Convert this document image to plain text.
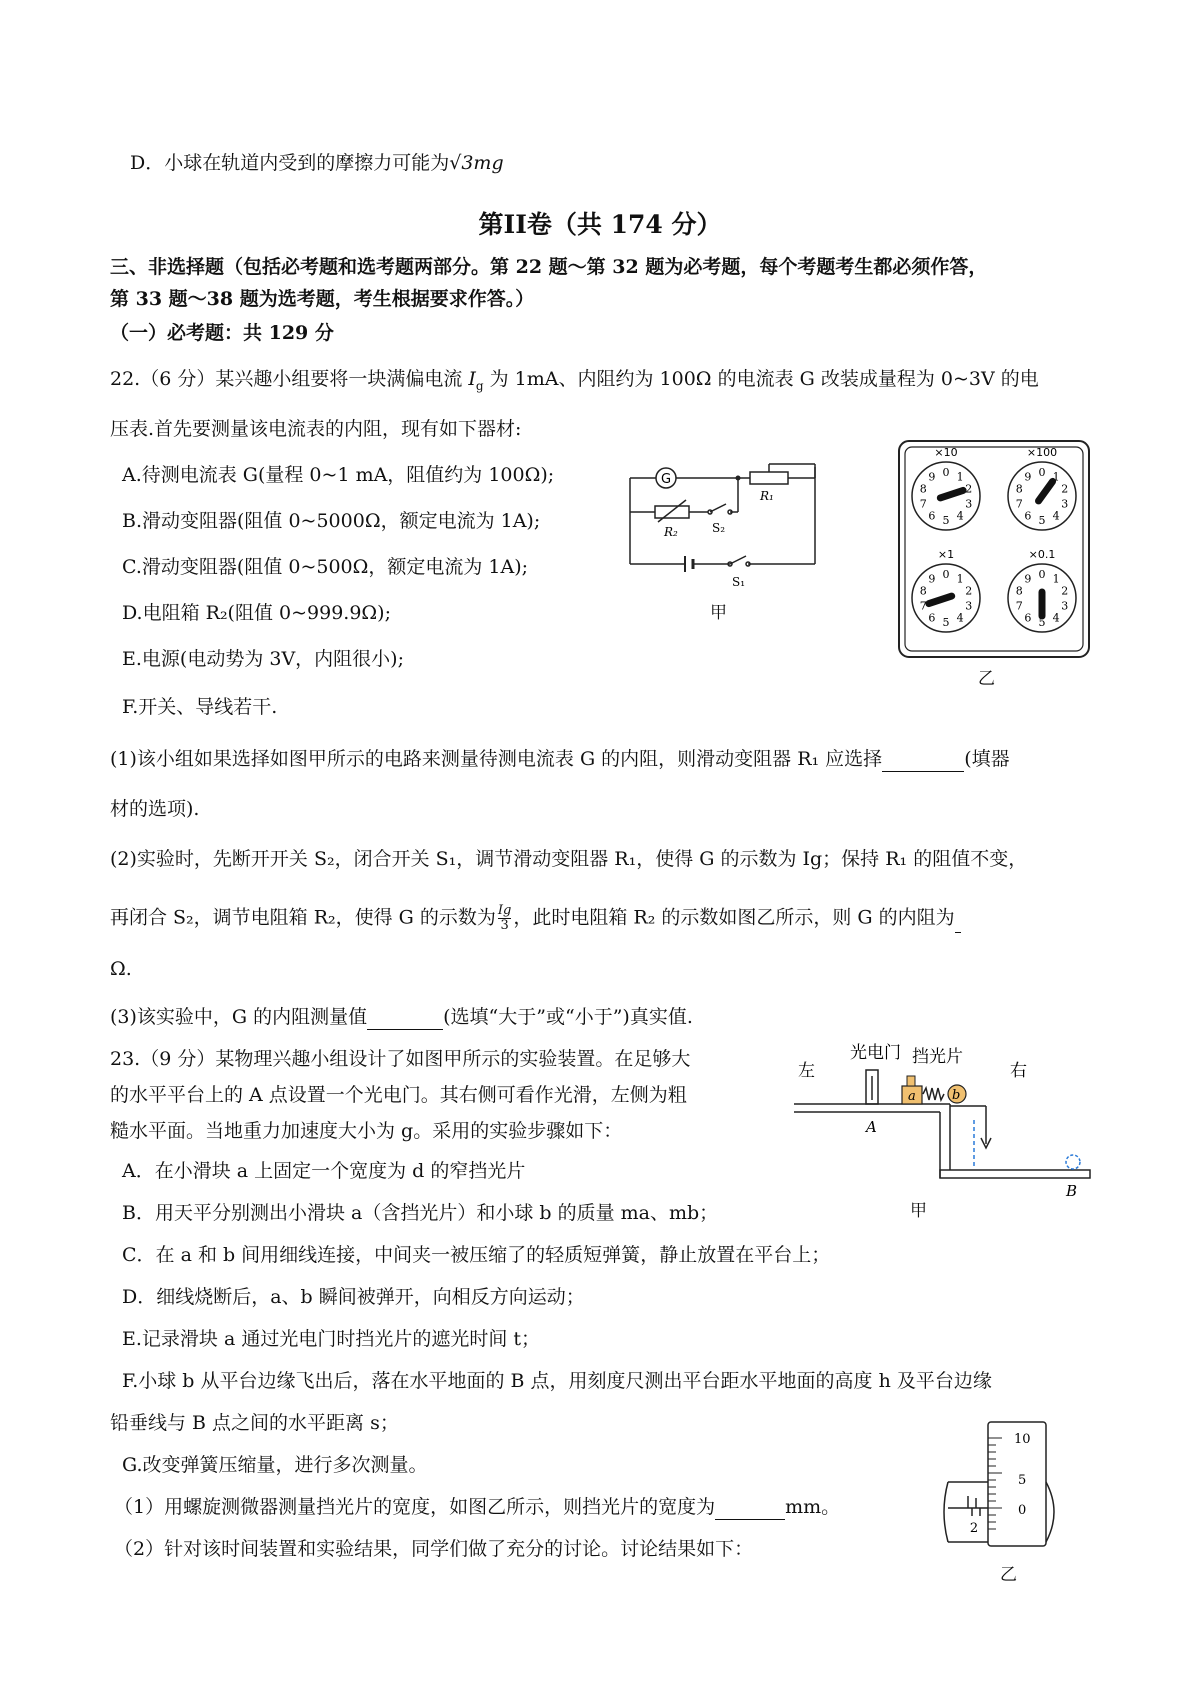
D．小球在轨道内受到的摩擦力可能为√3mg
第II卷（共 174 分）
三、非选择题（包括必考题和选考题两部分。第 22 题～第 32 题为必考题，每个考题考生都必须作答，
第 33 题～38 题为选考题，考生根据要求作答。）
（一）必考题：共 129 分
22.（6 分）某兴趣小组要将一块满偏电流 $I_g$ 为 1mA、内阻约为 100Ω 的电流表 G 改装成量程为 0~3V 的电
压表.首先要测量该电流表的内阻，现有如下器材:
A.待测电流表 G(量程 0~1 mA，阻值约为 100Ω);
B.滑动变阻器(阻值 0~5000Ω，额定电流为 1A);
C.滑动变阻器(阻值 0~500Ω，额定电流为 1A);
D.电阻箱 R₂(阻值 0~999.9Ω);
E.电源(电动势为 3V，内阻很小);
F.开关、导线若干.
G
R₁
R₂	S₂
S₁
甲
×10
0 1
2
3
4
5
6
7
8
9
×100
0 1
2
3
4
5
6
7
8
9
×1
0 1
2
3
4
5
6
7
8
9
×0.1
0 1
2
3
4
5
6
7
8
9
乙
(1)该小组如果选择如图甲所示的电路来测量待测电流表 G 的内阻，则滑动变阻器 R₁ 应选择	(填器
材的选项).
(2)实验时，先断开开关 S₂，闭合开关 S₁，调节滑动变阻器 R₁，使得 G 的示数为 Ig；保持 R₁ 的阻值不变，
再闭合 S₂，调节电阻箱 R₂，使得 G 的示数为 $\frac{Ig}{3}$ ，此时电阻箱 R₂ 的示数如图乙所示，则 G 的内阻为
Ω.
(3)该实验中，G 的内阻测量值	(选填“大于”或“小于”)真实值.
23.（9 分）某物理兴趣小组设计了如图甲所示的实验装置。在足够大
的水平平台上的 A 点设置一个光电门。其右侧可看作光滑，左侧为粗
糙水平面。当地重力加速度大小为 g。采用的实验步骤如下：
A．在小滑块 a 上固定一个宽度为 d 的窄挡光片
B．用天平分别测出小滑块 a（含挡光片）和小球 b 的质量 ma、mb；
C．在 a 和 b 间用细线连接，中间夹一被压缩了的轻质短弹簧，静止放置在平台上；
D．细线烧断后，a、b 瞬间被弹开，向相反方向运动；
E.记录滑块 a 通过光电门时挡光片的遮光时间 t；
F.小球 b 从平台边缘飞出后，落在水平地面的 B 点，用刻度尺测出平台距水平地面的高度 h 及平台边缘
铅垂线与 B 点之间的水平距离 s；
G.改变弹簧压缩量，进行多次测量。
（1）用螺旋测微器测量挡光片的宽度，如图乙所示，则挡光片的宽度为	mm。
（2）针对该时间装置和实验结果，同学们做了充分的讨论。讨论结果如下：
a	b
光电门 挡光片
左	右
A
B
甲
2
10
5
0
乙
